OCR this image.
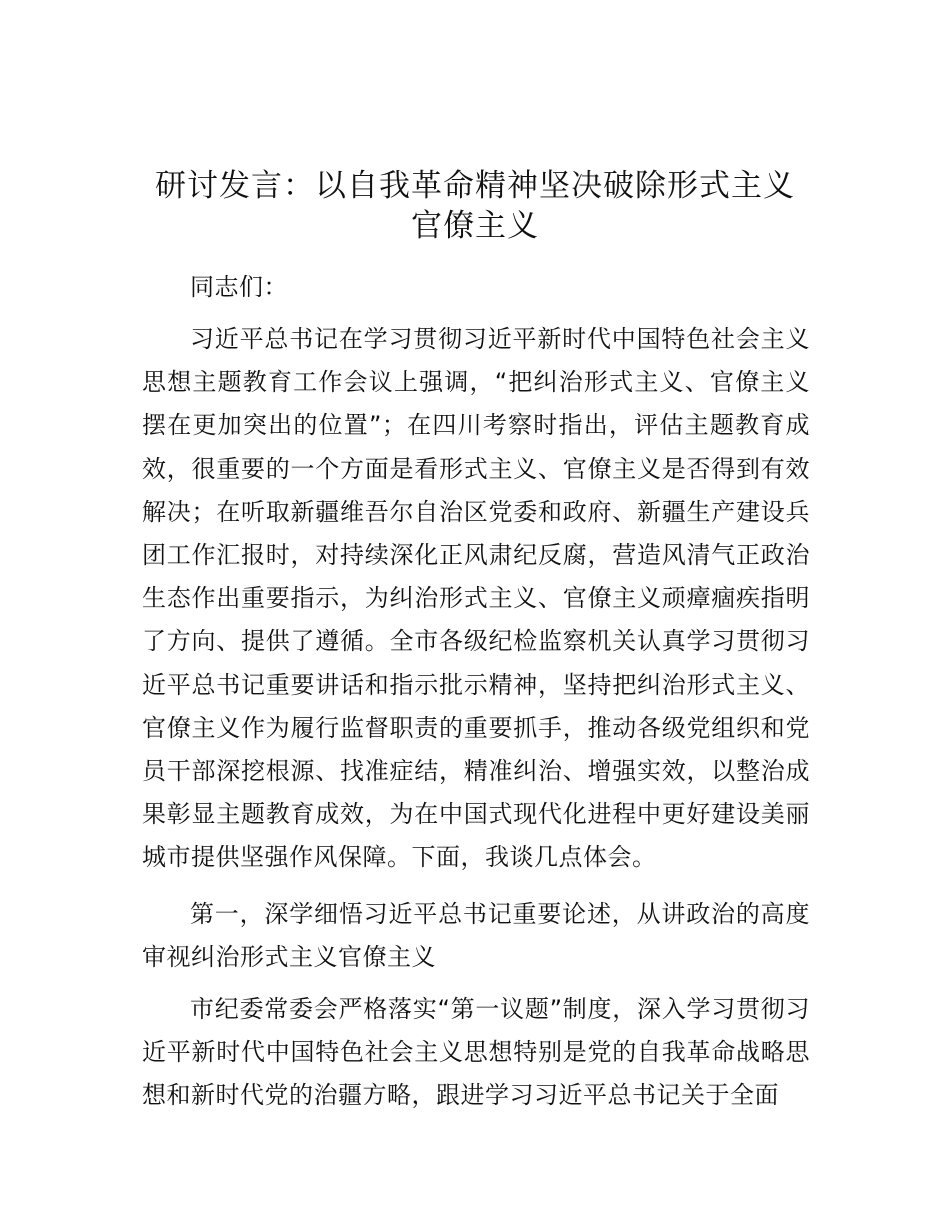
研讨发言：以自我革命精神坚决破除形式主义官僚主义

同志们：

习近平总书记在学习贯彻习近平新时代中国特色社会主义思想主题教育工作会议上强调，“把纠治形式主义、官僚主义摆在更加突出的位置”；在四川考察时指出，评估主题教育成效，很重要的一个方面是看形式主义、官僚主义是否得到有效解决；在听取新疆维吾尔自治区党委和政府、新疆生产建设兵团工作汇报时，对持续深化正风肃纪反腐，营造风清气正政治生态作出重要指示，为纠治形式主义、官僚主义顽瘴痼疾指明了方向、提供了遵循。全市各级纪检监察机关认真学习贯彻习近平总书记重要讲话和指示批示精神，坚持把纠治形式主义、官僚主义作为履行监督职责的重要抓手，推动各级党组织和党员干部深挖根源、找准症结，精准纠治、增强实效，以整治成果彰显主题教育成效，为在中国式现代化进程中更好建设美丽城市提供坚强作风保障。下面，我谈几点体会。

第一，深学细悟习近平总书记重要论述，从讲政治的高度审视纠治形式主义官僚主义

市纪委常委会严格落实“第一议题”制度，深入学习贯彻习近平新时代中国特色社会主义思想特别是党的自我革命战略思想和新时代党的治疆方略，跟进学习习近平总书记关于全面
